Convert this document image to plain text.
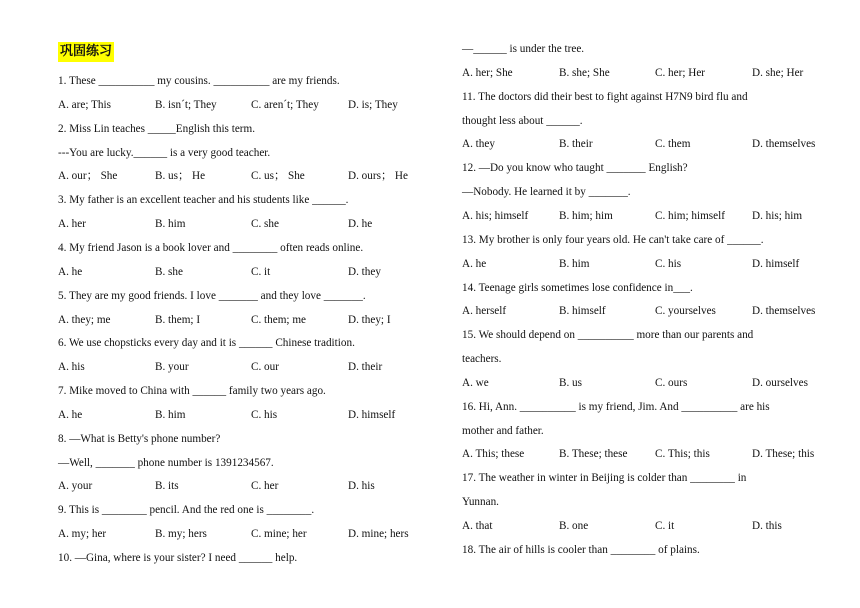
巩固练习
1. These __________ my cousins. __________ are my friends.
A. are; This	B. isn´t; They	C. aren´t; They	D. is; They
2. Miss Lin teaches _____English this term.
---You are lucky.______ is a very good teacher.
A. our； She	B. us； He	C. us； She	D. ours； He
3. My father is an excellent teacher and his students like ______.
A. her	B. him	C. she	D. he
4. My friend Jason is a book lover and ________ often reads online.
A. he	B. she	C. it	D. they
5. They are my good friends. I love _______ and they love _______.
A. they; me	B. them; I	C. them; me	D. they; I
6. We use chopsticks every day and it is ______ Chinese tradition.
A. his	B. your	C. our	D. their
7. Mike moved to China with ______ family two years ago.
A. he	B. him	C. his	D. himself
8. —What is Betty's phone number?
—Well, _______ phone number is 1391234567.
A. your	B. its	C. her	D. his
9. This is ________ pencil. And the red one is ________.
A. my; her	B. my; hers	C. mine; her	D. mine; hers
10. —Gina, where is your sister? I need ______ help.
—______ is under the tree.
A. her; She	B. she; She	C. her; Her	D. she; Her
11. The doctors did their best to fight against H7N9 bird flu and
thought less about ______.
A. they	B. their	C. them	D. themselves
12. —Do you know who taught _______ English?
—Nobody. He learned it by _______.
A. his; himself	B. him; him	C. him; himself D. his; him
13. My brother is only four years old. He can't take care of ______.
A. he	B. him	C. his	D. himself
14. Teenage girls sometimes lose confidence in___.
A. herself	B. himself	C. yourselves	D. themselves
15. We should depend on __________ more than our parents and
teachers.
A. we	B. us	C. ours	D. ourselves
16. Hi, Ann. __________ is my friend, Jim. And __________ are his
mother and father.
A. This; these	B. These; these C. This; this	D. These; this
17. The weather in winter in Beijing is colder than ________ in
Yunnan.
A. that	B. one	C. it	D. this
18. The air of hills is cooler than ________ of plains.
